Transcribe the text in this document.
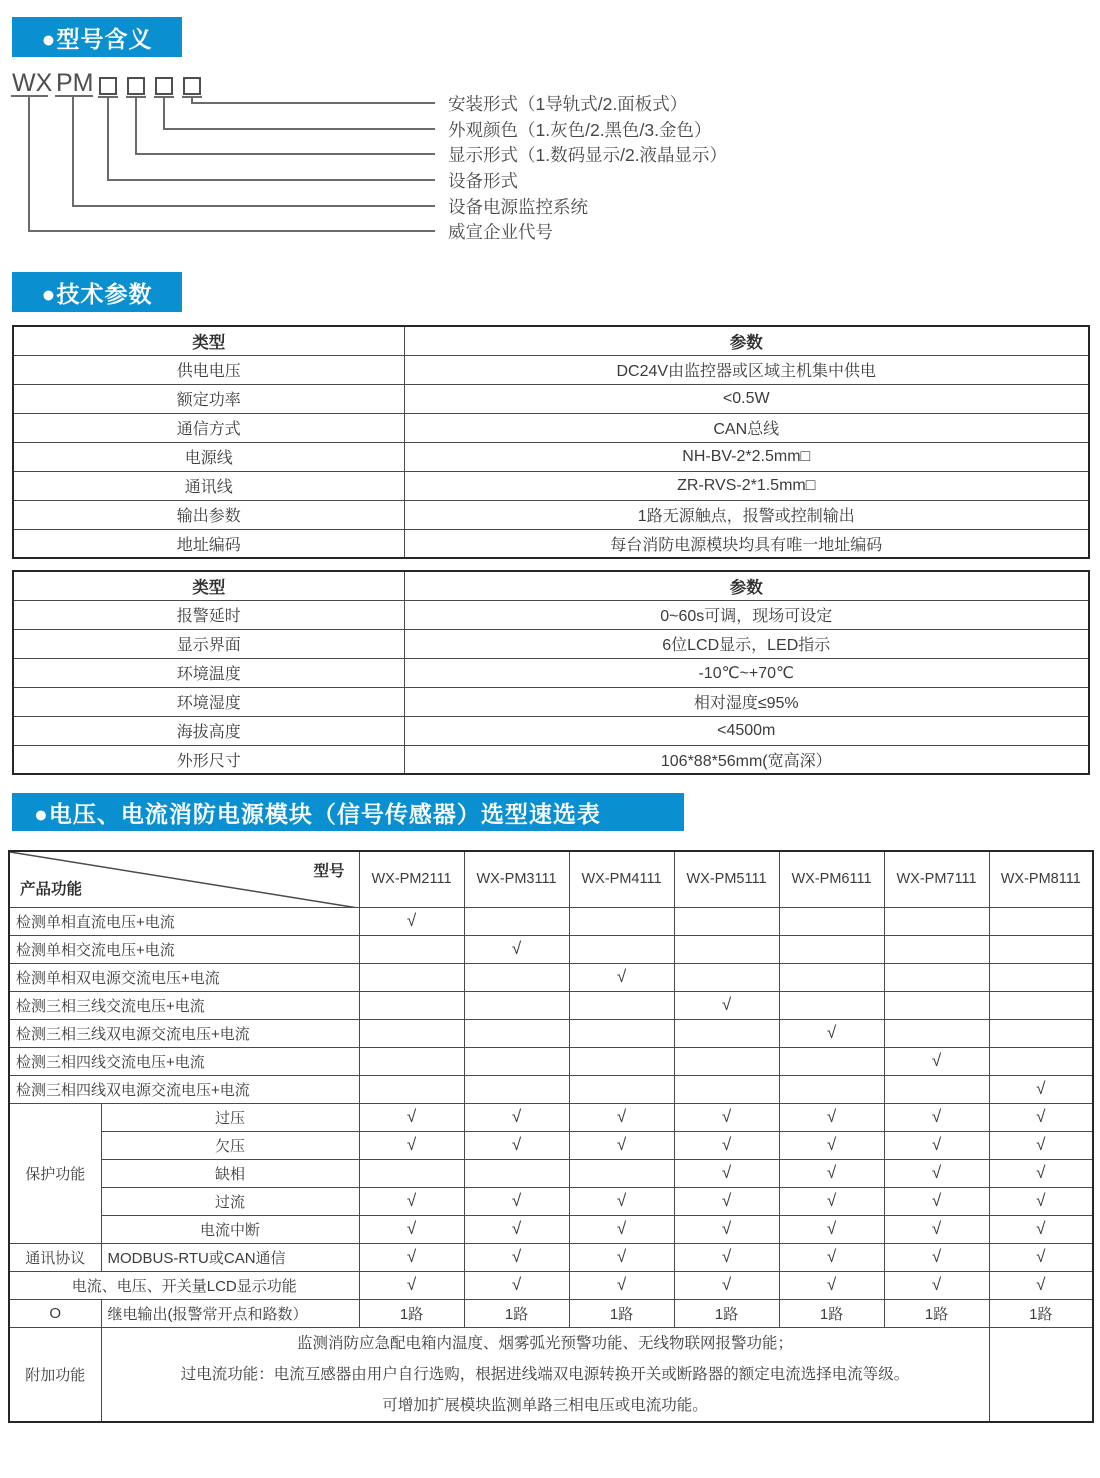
●型号含义
WX PM
安装形式（1导轨式/2.面板式）
外观颜色（1.灰色/2.黑色/3.金色）
显示形式（1.数码显示/2.液晶显示）
设备形式
设备电源监控系统
威宣企业代号
●技术参数
类型	参数
供电电压	DC24V由监控器或区域主机集中供电
额定功率	<0.5W
通信方式	CAN总线
电源线	NH-BV-2*2.5mm□
通讯线	ZR-RVS-2*1.5mm□
输出参数	1路无源触点，报警或控制输出
地址编码	每台消防电源模块均具有唯一地址编码
类型	参数
报警延时	0~60s可调，现场可设定
显示界面	6位LCD显示，LED指示
环境温度	-10℃~+70℃
环境湿度	相对湿度≤95%
海拔高度	<4500m
外形尺寸	106*88*56mm(宽高深）
●电压、电流消防电源模块（信号传感器）选型速选表
型号
产品功能		WX-PM2111	WX-PM3111	WX-PM4111	WX-PM5111	WX-PM6111	WX-PM7111	WX-PM8111
检测单相直流电压+电流		√						
检测单相交流电压+电流			√					
检测单相双电源交流电压+电流				√				
检测三相三线交流电压+电流					√			
检测三相三线双电源交流电压+电流						√		
检测三相四线交流电压+电流							√	
检测三相四线双电源交流电压+电流								√
保护功能	过压	√	√	√	√	√	√	√
	欠压	√	√	√	√	√	√	√
	缺相				√	√	√	√
	过流	√	√	√	√	√	√	√
	电流中断	√	√	√	√	√	√	√
通讯协议	MODBUS-RTU或CAN通信	√	√	√	√	√	√	√
电流、电压、开关量LCD显示功能		√	√	√	√	√	√	√
O	继电输出(报警常开点和路数）	1路	1路	1路	1路	1路	1路	1路
附加功能	监测消防应急配电箱内温度、烟雾弧光预警功能、无线物联网报警功能；
过电流功能：电流互感器由用户自行选购，根据进线端双电源转换开关或断路器的额定电流选择电流等级。
可增加扩展模块监测单路三相电压或电流功能。							
